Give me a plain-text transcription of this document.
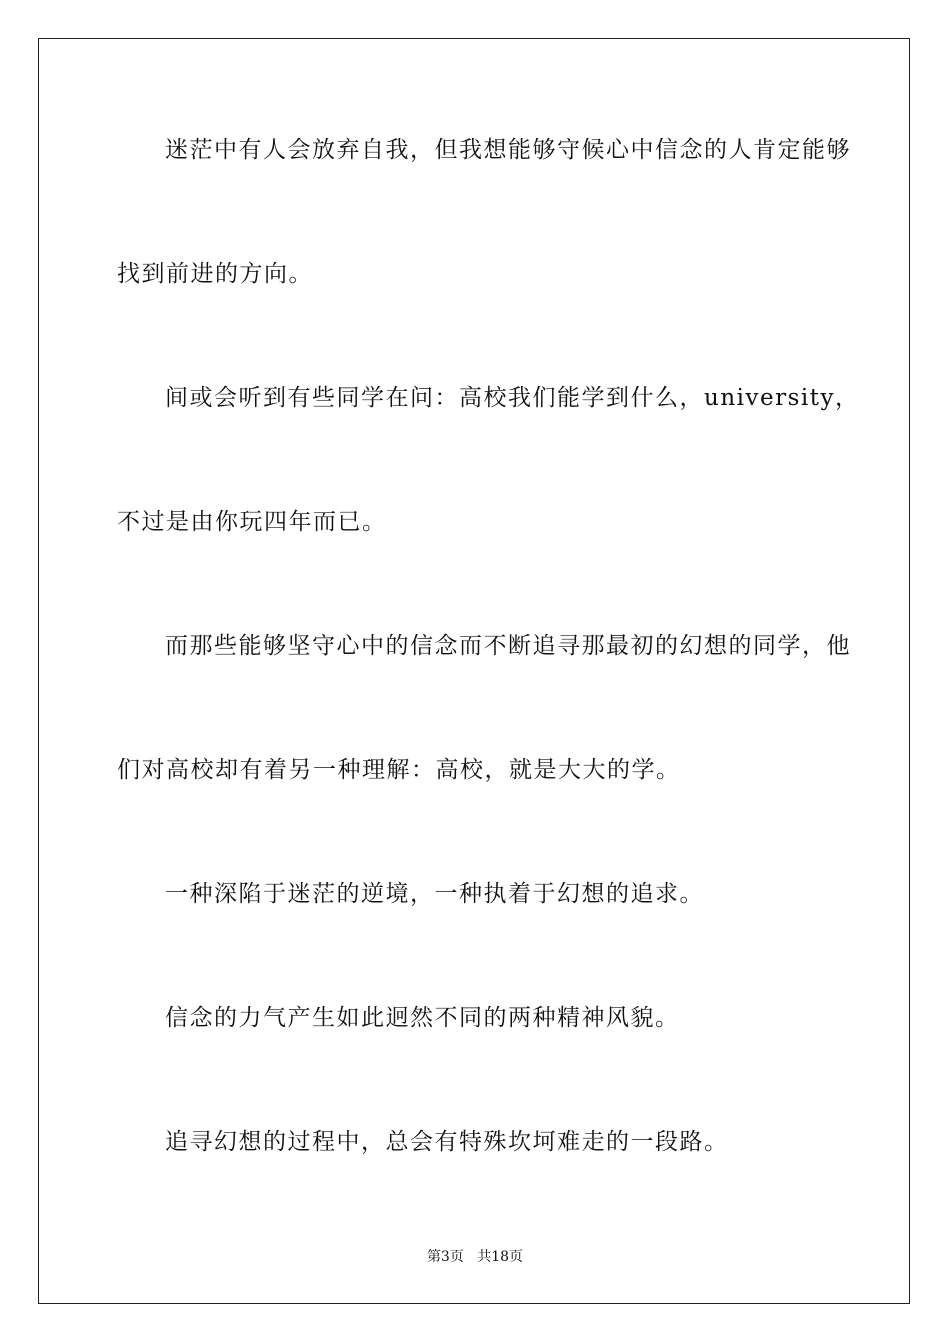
迷茫中有人会放弃自我，但我想能够守候心中信念的人肯定能够
找到前进的方向。
间或会听到有些同学在问：高校我们能学到什么，university，
不过是由你玩四年而已。
而那些能够坚守心中的信念而不断追寻那最初的幻想的同学，他
们对高校却有着另一种理解：高校，就是大大的学。
一种深陷于迷茫的逆境，一种执着于幻想的追求。
信念的力气产生如此迥然不同的两种精神风貌。
追寻幻想的过程中，总会有特殊坎坷难走的一段路。
第3页 共18页
